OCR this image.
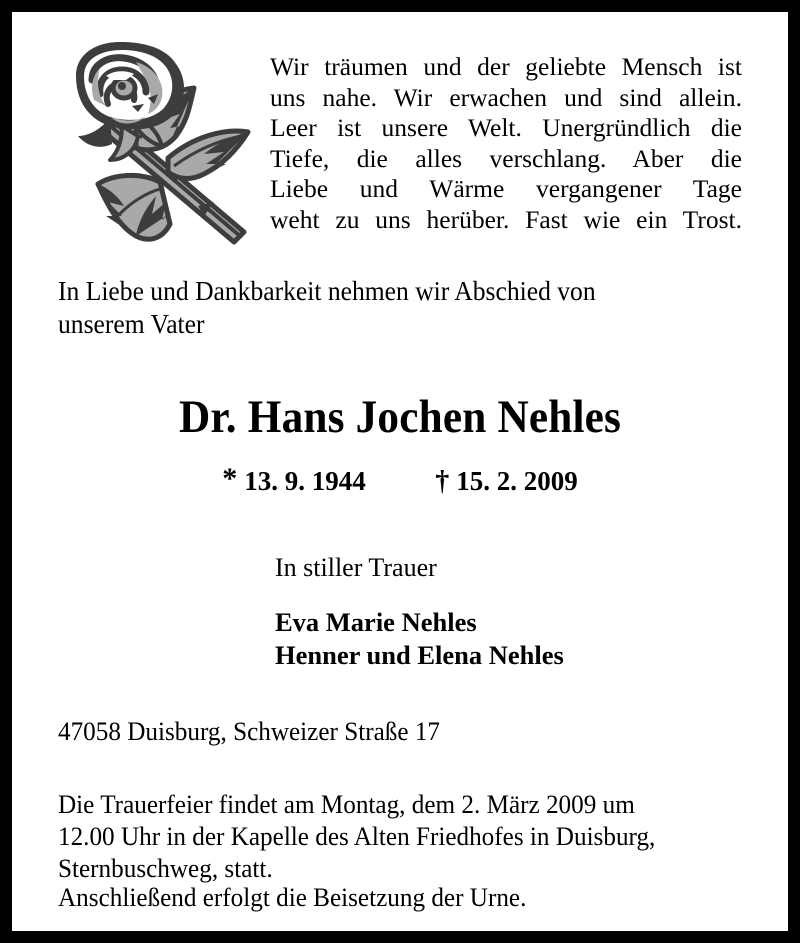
Wir träumen und der geliebte Mensch ist
uns nahe. Wir erwachen und sind allein.
Leer ist unsere Welt. Unergründlich die
Tiefe, die alles verschlang. Aber die
Liebe und Wärme vergangener Tage
weht zu uns herüber. Fast wie ein Trost.
In Liebe und Dankbarkeit nehmen wir Abschied von
unserem Vater
Dr. Hans Jochen Nehles
* 13. 9. 1944 † 15. 2. 2009
In stiller Trauer
Eva Marie Nehles
Henner und Elena Nehles
47058 Duisburg, Schweizer Straße 17
Die Trauerfeier findet am Montag, dem 2. März 2009 um
12.00 Uhr in der Kapelle des Alten Friedhofes in Duisburg,
Sternbuschweg, statt.
Anschließend erfolgt die Beisetzung der Urne.
